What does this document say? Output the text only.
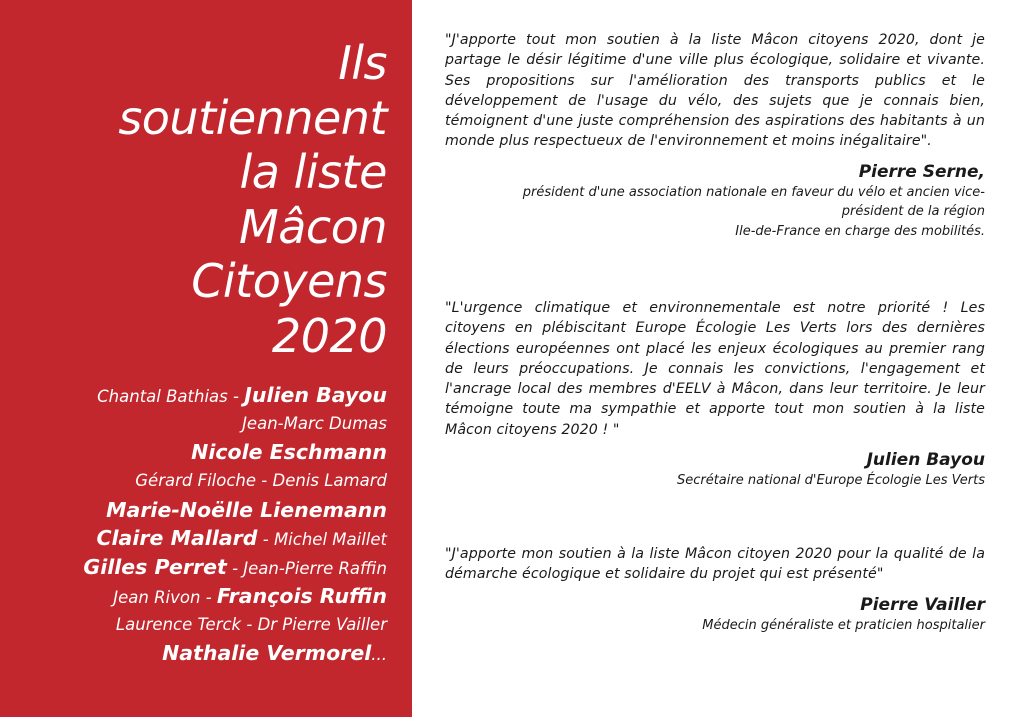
Ils
soutiennent
la liste
Mâcon
Citoyens
2020
Chantal Bathias - Julien Bayou
Jean-Marc Dumas
Nicole Eschmann
Gérard Filoche - Denis Lamard
Marie-Noëlle Lienemann
Claire Mallard - Michel Maillet
Gilles Perret - Jean-Pierre Raffin
Jean Rivon - François Ruffin
Laurence Terck - Dr Pierre Vailler
Nathalie Vermorel...

"J'apporte tout mon soutien à la liste Mâcon citoyens 2020, dont je partage le désir légitime d'une ville plus écologique, solidaire et vivante. Ses propositions sur l'amélioration des transports publics et le développement de l'usage du vélo, des sujets que je connais bien, témoignent d'une juste compréhension des aspirations des habitants à un monde plus respectueux de l'environnement et moins inégalitaire".

Pierre Serne,

président d'une association nationale en faveur du vélo et ancien vice-

président de la région

Ile-de-France en charge des mobilités.

"L'urgence climatique et environnementale est notre priorité ! Les citoyens en plébiscitant Europe Écologie Les Verts lors des dernières élections européennes ont placé les enjeux écologiques au premier rang de leurs préoccupations. Je connais les convictions, l'engagement et l'ancrage local des membres d'EELV à Mâcon, dans leur territoire. Je leur témoigne toute ma sympathie et apporte tout mon soutien à la liste Mâcon citoyens 2020 ! "

Julien Bayou

Secrétaire national d'Europe Écologie Les Verts

"J'apporte mon soutien à la liste Mâcon citoyen 2020 pour la qualité de la démarche écologique et solidaire du projet qui est présenté"

Pierre Vailler

Médecin généraliste et praticien hospitalier
